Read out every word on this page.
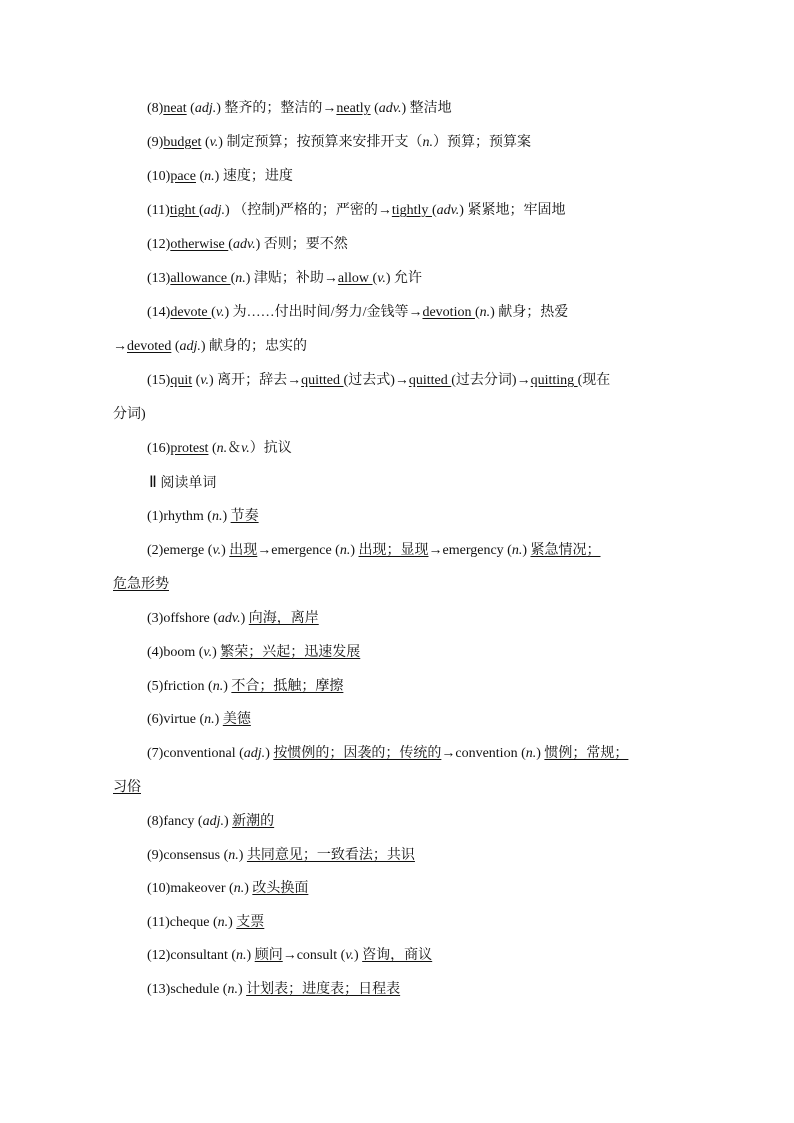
(8)neat (adj.) 整齐的；整洁的→neatly (adv.) 整洁地
(9)budget (v.) 制定预算；按预算来安排开支（n.）预算；预算案
(10)pace (n.) 速度；进度
(11)tight (adj.) （控制)严格的；严密的→tightly (adv.) 紧紧地；牢固地
(12)otherwise (adv.) 否则；要不然
(13)allowance (n.) 津贴；补助→allow (v.) 允许
(14)devote (v.) 为……付出时间/努力/金钱等→devotion (n.) 献身；热爱
→devoted (adj.) 献身的；忠实的
(15)quit (v.) 离开；辞去→quitted (过去式)→quitted (过去分词)→quitting (现在
分词)
(16)protest (n.＆v.）抗议
Ⅱ 阅读单词
(1)rhythm (n.) 节奏
(2)emerge (v.) 出现→emergence (n.) 出现；显现→emergency (n.) 紧急情况；
危急形势
(3)offshore (adv.) 向海，离岸
(4)boom (v.) 繁荣；兴起；迅速发展
(5)friction (n.) 不合；抵触；摩擦
(6)virtue (n.) 美德
(7)conventional (adj.) 按惯例的；因袭的；传统的→convention (n.) 惯例；常规；
习俗
(8)fancy (adj.) 新潮的
(9)consensus (n.) 共同意见；一致看法；共识
(10)makeover (n.) 改头换面
(11)cheque (n.) 支票
(12)consultant (n.) 顾问→consult (v.) 咨询，商议
(13)schedule (n.) 计划表；进度表；日程表
